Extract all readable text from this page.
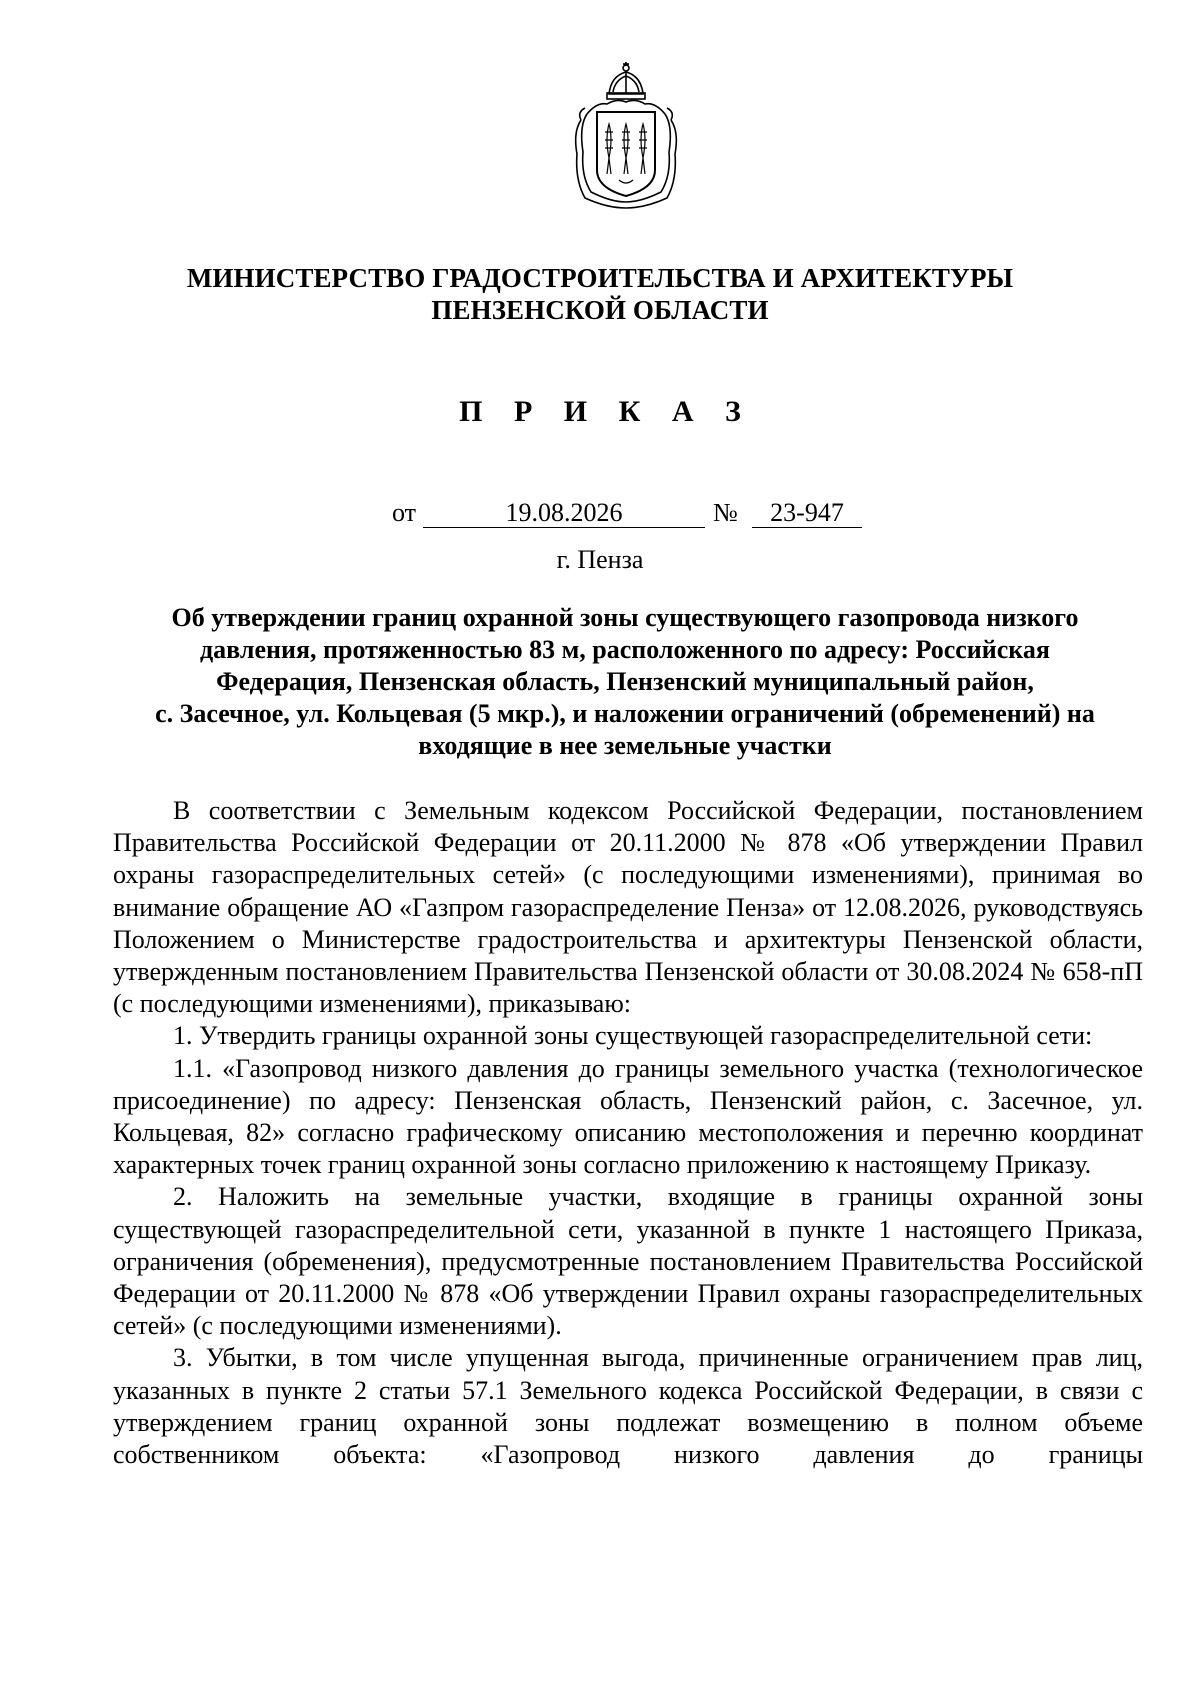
МИНИСТЕРСТВО ГРАДОСТРОИТЕЛЬСТВА И АРХИТЕКТУРЫ
ПЕНЗЕНСКОЙ ОБЛАСТИ
П Р И К А З
от	19.08.2026	№	23-947
г. Пенза
Об утверждении границ охранной зоны существующего газопровода низкого
давления, протяженностью 83 м, расположенного по адресу: Российская
Федерация, Пензенская область, Пензенский муниципальный район,
с. Засечное, ул. Кольцевая (5 мкр.), и наложении ограничений (обременений) на
входящие в нее земельные участки

В соответствии с Земельным кодексом Российской Федерации, постановлением Правительства Российской Федерации от 20.11.2000 № 878 «Об утверждении Правил охраны газораспределительных сетей» (с последующими изменениями), принимая во внимание обращение АО «Газпром газораспределение Пенза» от 12.08.2026, руководствуясь Положением о Министерстве градостроительства и архитектуры Пензенской области, утвержденным постановлением Правительства Пензенской области от 30.08.2024 № 658-пП (с последующими изменениями), приказываю:

1. Утвердить границы охранной зоны существующей газораспределительной сети:

1.1. «Газопровод низкого давления до границы земельного участка (технологическое присоединение) по адресу: Пензенская область, Пензенский район, с. Засечное, ул. Кольцевая, 82» согласно графическому описанию местоположения и перечню координат характерных точек границ охранной зоны согласно приложению к настоящему Приказу.

2. Наложить на земельные участки, входящие в границы охранной зоны существующей газораспределительной сети, указанной в пункте 1 настоящего Приказа, ограничения (обременения), предусмотренные постановлением Правительства Российской Федерации от 20.11.2000 № 878 «Об утверждении Правил охраны газораспределительных сетей» (с последующими изменениями).

3. Убытки, в том числе упущенная выгода, причиненные ограничением прав лиц, указанных в пункте 2 статьи 57.1 Земельного кодекса Российской Федерации, в связи с утверждением границ охранной зоны подлежат возмещению в полном объеме собственником объекта: «Газопровод низкого давления до границы
